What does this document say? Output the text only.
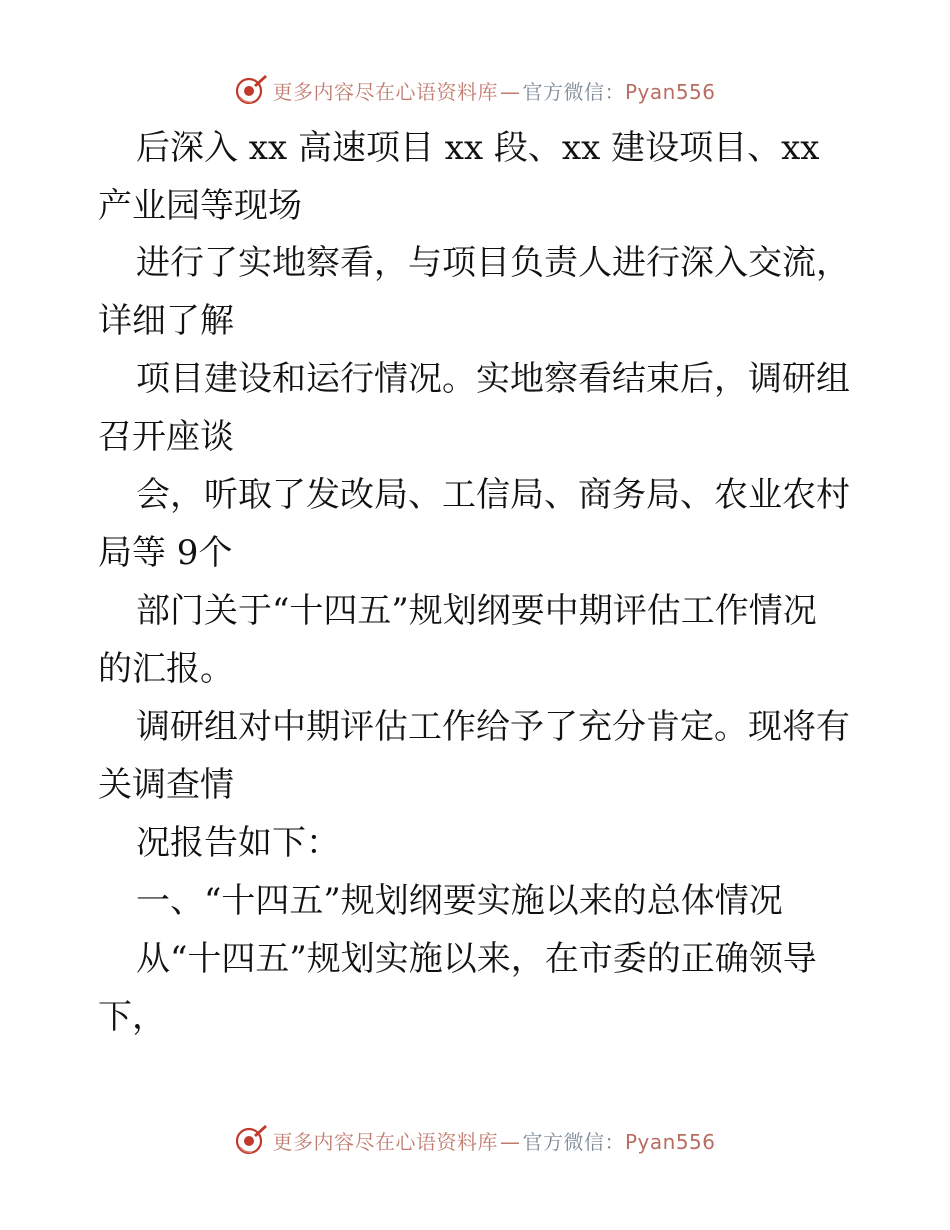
更多内容尽在心语资料库 — 官方微信：Pyan556
后深入 xx 高速项目 xx 段、xx 建设项目、xx
产业园等现场
进行了实地察看，与项目负责人进行深入交流，
详细了解
项目建设和运行情况。实地察看结束后，调研组
召开座谈
会，听取了发改局、工信局、商务局、农业农村
局等 9个
部门关于“十四五”规划纲要中期评估工作情况
的汇报。
调研组对中期评估工作给予了充分肯定。现将有
关调查情
况报告如下：
一、“十四五”规划纲要实施以来的总体情况
从“十四五”规划实施以来，在市委的正确领导
下，
更多内容尽在心语资料库 — 官方微信：Pyan556
